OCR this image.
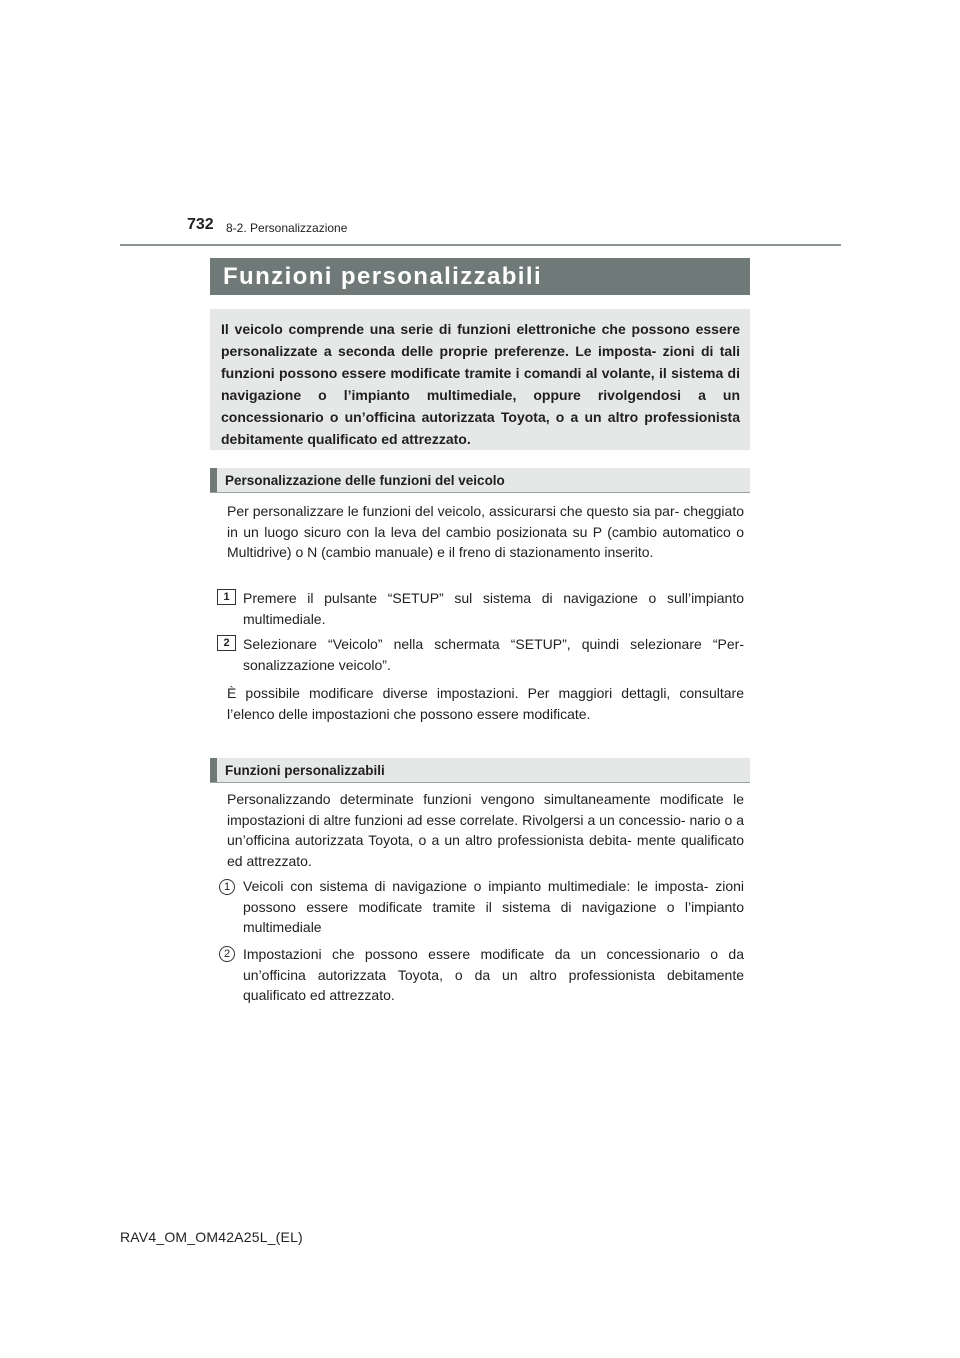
732 8-2. Personalizzazione
Funzioni personalizzabili

Il veicolo comprende una serie di funzioni elettroniche che possono essere personalizzate a seconda delle proprie preferenze. Le imposta- zioni di tali funzioni possono essere modificate tramite i comandi al volante, il sistema di navigazione o l’impianto multimediale, oppure rivolgendosi a un concessionario o un’officina autorizzata Toyota, o a un altro professionista debitamente qualificato ed attrezzato.

Personalizzazione delle funzioni del veicolo

Per personalizzare le funzioni del veicolo, assicurarsi che questo sia par- cheggiato in un luogo sicuro con la leva del cambio posizionata su P (cambio automatico o Multidrive) o N (cambio manuale) e il freno di stazionamento inserito.

1 Premere il pulsante “SETUP” sul sistema di navigazione o sull’impianto multimediale.

2 Selezionare “Veicolo” nella schermata “SETUP”, quindi selezionare “Per- sonalizzazione veicolo”.

È possibile modificare diverse impostazioni. Per maggiori dettagli, consultare l’elenco delle impostazioni che possono essere modificate.

Funzioni personalizzabili

Personalizzando determinate funzioni vengono simultaneamente modificate le impostazioni di altre funzioni ad esse correlate. Rivolgersi a un concessio- nario o a un’officina autorizzata Toyota, o a un altro professionista debita- mente qualificato ed attrezzato.

1 Veicoli con sistema di navigazione o impianto multimediale: le imposta- zioni possono essere modificate tramite il sistema di navigazione o l’impianto multimediale

2 Impostazioni che possono essere modificate da un concessionario o da un’officina autorizzata Toyota, o da un altro professionista debitamente qualificato ed attrezzato.

RAV4_OM_OM42A25L_(EL)
